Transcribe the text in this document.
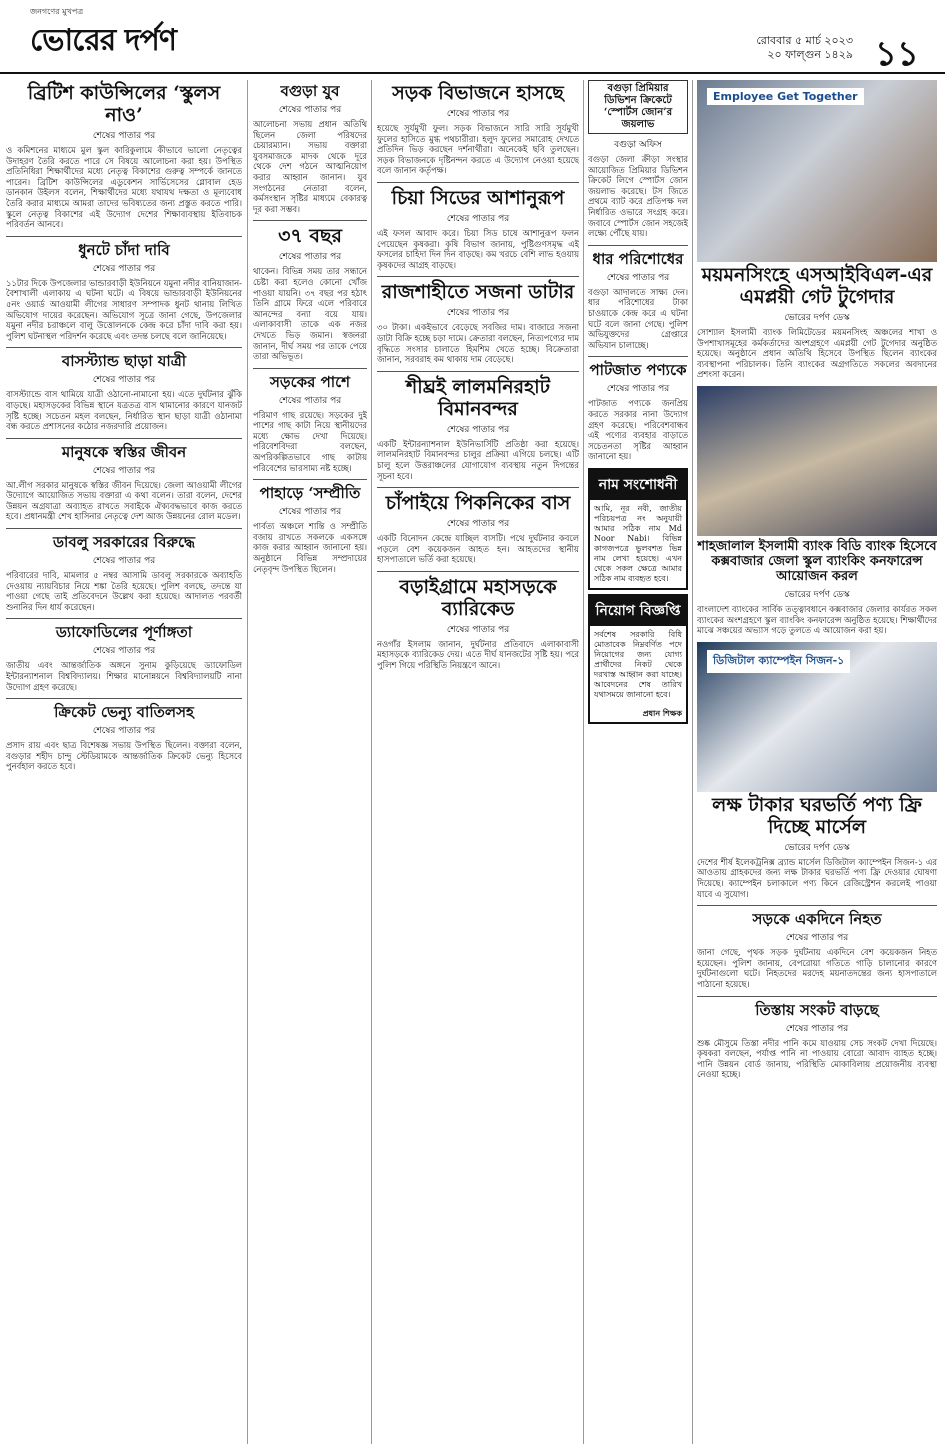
জনগণের মুখপত্র
ভোরের দর্পণ	রোববার ৫ মার্চ ২০২৩
২০ ফাল্গুন ১৪২৯ ১১
ব্রিটিশ কাউন্সিলের ‘স্কুলস নাও’
শেষের পাতার পর
ও কমিশনের মাধ্যমে মুল স্কুল কারিকুলামে কীভাবে ভালো নেতৃত্বের উদাহরণ তৈরি করতে পারে সে বিষয়ে আলোচনা করা হয়। উপস্থিত প্রতিনিধিরা শিক্ষার্থীদের মধ্যে নেতৃত্ব বিকাশের গুরুত্ব সম্পর্কে জানতে পারেন। ব্রিটিশ কাউন্সিলের এডুকেশন সার্ভিসেসের গ্লোবাল হেড ডানকান উইলস বলেন, শিক্ষার্থীদের মধ্যে যথাযথ দক্ষতা ও মূল্যবোধ তৈরি করার মাধ্যমে আমরা তাদের ভবিষ্যতের জন্য প্রস্তুত করতে পারি। স্কুলে নেতৃত্ব বিকাশের এই উদ্যোগ দেশের শিক্ষাব্যবস্থায় ইতিবাচক পরিবর্তন আনবে।
ধুনটে চাঁদা দাবি
শেষের পাতার পর
১১টার দিকে উপজেলার ভান্ডারবাড়ী ইউনিয়নে যমুনা নদীর বানিয়াজান-বৈশাখালী এলাকায় এ ঘটনা ঘটে। এ বিষয়ে ভান্ডারবাড়ী ইউনিয়নের ৫নং ওয়ার্ড আওয়ামী লীগের সাধারণ সম্পাদক ধুনট থানায় লিখিত অভিযোগ দায়ের করেছেন। অভিযোগ সূত্রে জানা গেছে, উপজেলার যমুনা নদীর চরাঞ্চলে বালু উত্তোলনকে কেন্দ্র করে চাঁদা দাবি করা হয়। পুলিশ ঘটনাস্থল পরিদর্শন করেছে এবং তদন্ত চলছে বলে জানিয়েছে।
বাসস্ট্যান্ড ছাড়া যাত্রী
শেষের পাতার পর
বাসস্ট্যান্ডে বাস থামিয়ে যাত্রী ওঠানো-নামানো হয়। এতে দুর্ঘটনার ঝুঁকি বাড়ছে। মহাসড়কের বিভিন্ন স্থানে যত্রতত্র বাস থামানোর কারণে যানজট সৃষ্টি হচ্ছে। সচেতন মহল বলছেন, নির্ধারিত স্থান ছাড়া যাত্রী ওঠানামা বন্ধ করতে প্রশাসনের কঠোর নজরদারি প্রয়োজন।
মানুষকে স্বস্তির জীবন
শেষের পাতার পর
আ.লীগ সরকার মানুষকে স্বস্তির জীবন দিয়েছে। জেলা আওয়ামী লীগের উদ্যোগে আয়োজিত সভায় বক্তারা এ কথা বলেন। তারা বলেন, দেশের উন্নয়ন অগ্রযাত্রা অব্যাহত রাখতে সবাইকে ঐক্যবদ্ধভাবে কাজ করতে হবে। প্রধানমন্ত্রী শেখ হাসিনার নেতৃত্বে দেশ আজ উন্নয়নের রোল মডেল।
ডাবলু সরকারের বিরুদ্ধে
শেষের পাতার পর
পরিবারের দাবি, মামলার ৫ নম্বর আসামি ডাবলু সরকারকে অব্যাহতি দেওয়ায় ন্যায়বিচার নিয়ে শঙ্কা তৈরি হয়েছে। পুলিশ বলছে, তদন্তে যা পাওয়া গেছে তাই প্রতিবেদনে উল্লেখ করা হয়েছে। আদালত পরবর্তী শুনানির দিন ধার্য করেছেন।
ড্যাফোডিলের পূর্ণাঙ্গতা
শেষের পাতার পর
জাতীয় এবং আন্তর্জাতিক অঙ্গনে সুনাম কুড়িয়েছে ড্যাফোডিল ইন্টারন্যাশনাল বিশ্ববিদ্যালয়। শিক্ষার মানোন্নয়নে বিশ্ববিদ্যালয়টি নানা উদ্যোগ গ্রহণ করেছে।
ক্রিকেট ভেন্যু বাতিলসহ
শেষের পাতার পর
প্রসাদ রায় এবং ছাত্র বিশেষজ্ঞ সভায় উপস্থিত ছিলেন। বক্তারা বলেন, বগুড়ার শহীদ চান্দু স্টেডিয়ামকে আন্তর্জাতিক ক্রিকেট ভেন্যু হিসেবে পুনর্বহাল করতে হবে।
বগুড়া যুব
শেষের পাতার পর
আলোচনা সভায় প্রধান অতিথি ছিলেন জেলা পরিষদের চেয়ারম্যান। সভায় বক্তারা যুবসমাজকে মাদক থেকে দূরে থেকে দেশ গঠনে আত্মনিয়োগ করার আহ্বান জানান। যুব সংগঠনের নেতারা বলেন, কর্মসংস্থান সৃষ্টির মাধ্যমে বেকারত্ব দূর করা সম্ভব।
৩৭ বছর
শেষের পাতার পর
থাকেন। বিভিন্ন সময় তার সন্ধানে চেষ্টা করা হলেও কোনো খোঁজ পাওয়া যায়নি। ৩৭ বছর পর হঠাৎ তিনি গ্রামে ফিরে এলে পরিবারে আনন্দের বন্যা বয়ে যায়। এলাকাবাসী তাকে এক নজর দেখতে ভিড় জমান। স্বজনরা জানান, দীর্ঘ সময় পর তাকে পেয়ে তারা অভিভূত।
সড়কের পাশে
শেষের পাতার পর
পরিমাণ গাছ রয়েছে। সড়কের দুই পাশের গাছ কাটা নিয়ে স্থানীয়দের মধ্যে ক্ষোভ দেখা দিয়েছে। পরিবেশবিদরা বলছেন, অপরিকল্পিতভাবে গাছ কাটায় পরিবেশের ভারসাম্য নষ্ট হচ্ছে।
পাহাড়ে ‘সম্প্রীতি
শেষের পাতার পর
পার্বত্য অঞ্চলে শান্তি ও সম্প্রীতি বজায় রাখতে সকলকে একসঙ্গে কাজ করার আহ্বান জানানো হয়। অনুষ্ঠানে বিভিন্ন সম্প্রদায়ের নেতৃবৃন্দ উপস্থিত ছিলেন।
সড়ক বিভাজনে হাসছে
শেষের পাতার পর
হয়েছে সূর্যমুখী ফুল। সড়ক বিভাজনে সারি সারি সূর্যমুখী ফুলের হাসিতে মুগ্ধ পথচারীরা। হলুদ ফুলের সমারোহ দেখতে প্রতিদিন ভিড় করছেন দর্শনার্থীরা। অনেকেই ছবি তুলছেন। সড়ক বিভাজনকে দৃষ্টিনন্দন করতে এ উদ্যোগ নেওয়া হয়েছে বলে জানান কর্তৃপক্ষ।
চিয়া সিডের আশানুরূপ
শেষের পাতার পর
এই ফসল আবাদ করে। চিয়া সিড চাষে আশানুরূপ ফলন পেয়েছেন কৃষকরা। কৃষি বিভাগ জানায়, পুষ্টিগুণসমৃদ্ধ এই ফসলের চাহিদা দিন দিন বাড়ছে। কম খরচে বেশি লাভ হওয়ায় কৃষকদের আগ্রহ বাড়ছে।
রাজশাহীতে সজনা ডাটার
শেষের পাতার পর
৩০ টাকা। একইভাবে বেড়েছে সবজির দাম। বাজারে সজনা ডাটা বিক্রি হচ্ছে চড়া দামে। ক্রেতারা বলছেন, নিত্যপণ্যের দাম বৃদ্ধিতে সংসার চালাতে হিমশিম খেতে হচ্ছে। বিক্রেতারা জানান, সরবরাহ কম থাকায় দাম বেড়েছে।
শীঘ্রই লালমনিরহাট বিমানবন্দর
শেষের পাতার পর
একটি ইন্টারন্যাশনাল ইউনিভার্সিটি প্রতিষ্ঠা করা হয়েছে। লালমনিরহাট বিমানবন্দর চালুর প্রক্রিয়া এগিয়ে চলছে। এটি চালু হলে উত্তরাঞ্চলের যোগাযোগ ব্যবস্থায় নতুন দিগন্তের সূচনা হবে।
চাঁপাইয়ে পিকনিকের বাস
শেষের পাতার পর
একটি বিনোদন কেন্দ্রে যাচ্ছিল বাসটি। পথে দুর্ঘটনার কবলে পড়লে বেশ কয়েকজন আহত হন। আহতদের স্থানীয় হাসপাতালে ভর্তি করা হয়েছে।
বড়াইগ্রামে মহাসড়কে ব্যারিকেড
শেষের পাতার পর
নওগাঁর ইসলাম জানান, দুর্ঘটনার প্রতিবাদে এলাকাবাসী মহাসড়কে ব্যারিকেড দেয়। এতে দীর্ঘ যানজটের সৃষ্টি হয়। পরে পুলিশ গিয়ে পরিস্থিতি নিয়ন্ত্রণে আনে।
বগুড়া প্রিমিয়ার ডিভিশন ক্রিকেটে ‘স্পোর্টস জোন’র জয়লাভ
বগুড়া অফিস
বগুড়া জেলা ক্রীড়া সংস্থার আয়োজিত প্রিমিয়ার ডিভিশন ক্রিকেট লিগে স্পোর্টস জোন জয়লাভ করেছে। টস জিতে প্রথমে ব্যাট করে প্রতিপক্ষ দল নির্ধারিত ওভারে সংগ্রহ করে। জবাবে স্পোর্টস জোন সহজেই লক্ষ্যে পৌঁছে যায়।
ধার পরিশোধের
শেষের পাতার পর
বগুড়া আদালতে সাক্ষ্য দেন। ধার পরিশোধের টাকা চাওয়াকে কেন্দ্র করে এ ঘটনা ঘটে বলে জানা গেছে। পুলিশ অভিযুক্তদের গ্রেপ্তারে অভিযান চালাচ্ছে।
পাটজাত পণ্যকে
শেষের পাতার পর
পাটজাত পণ্যকে জনপ্রিয় করতে সরকার নানা উদ্যোগ গ্রহণ করেছে। পরিবেশবান্ধব এই পণ্যের ব্যবহার বাড়াতে সচেতনতা সৃষ্টির আহ্বান জানানো হয়।
নাম সংশোধনী
আমি, নূর নবী, জাতীয় পরিচয়পত্র নং অনুযায়ী আমার সঠিক নাম Md Noor Nabi। বিভিন্ন কাগজপত্রে ভুলবশত ভিন্ন নাম লেখা হয়েছে। এখন থেকে সকল ক্ষেত্রে আমার সঠিক নাম ব্যবহৃত হবে।
নিয়োগ বিজ্ঞপ্তি
সর্বশেষ সরকারি বিধি মোতাবেক নিম্নবর্ণিত পদে নিয়োগের জন্য যোগ্য প্রার্থীদের নিকট থেকে দরখাস্ত আহ্বান করা যাচ্ছে। আবেদনের শেষ তারিখ যথাসময়ে জানানো হবে।
প্রধান শিক্ষক
Employee Get Together
ময়মনসিংহে এসআইবিএল-এর এমপ্লয়ী গেট টুগেদার
ভোরের দর্পণ ডেস্ক
সোশ্যাল ইসলামী ব্যাংক লিমিটেডের ময়মনসিংহ অঞ্চলের শাখা ও উপশাখাসমূহের কর্মকর্তাদের অংশগ্রহণে এমপ্লয়ী গেট টুগেদার অনুষ্ঠিত হয়েছে। অনুষ্ঠানে প্রধান অতিথি হিসেবে উপস্থিত ছিলেন ব্যাংকের ব্যবস্থাপনা পরিচালক। তিনি ব্যাংকের অগ্রগতিতে সকলের অবদানের প্রশংসা করেন।
শাহজালাল ইসলামী ব্যাংক বিডি ব্যাংক হিসেবে কক্সবাজার জেলা স্কুল ব্যাংকিং কনফারেন্স আয়োজন করল
ভোরের দর্পণ ডেস্ক
বাংলাদেশ ব্যাংকের সার্বিক তত্ত্বাবধানে কক্সবাজার জেলার কার্যরত সকল ব্যাংকের অংশগ্রহণে স্কুল ব্যাংকিং কনফারেন্স অনুষ্ঠিত হয়েছে। শিক্ষার্থীদের মাঝে সঞ্চয়ের অভ্যাস গড়ে তুলতে এ আয়োজন করা হয়।
ডিজিটাল ক্যাম্পেইন সিজন-১
লক্ষ টাকার ঘরভর্তি পণ্য ফ্রি দিচ্ছে মার্সেল
ভোরের দর্পণ ডেস্ক
দেশের শীর্ষ ইলেকট্রনিক্স ব্র্যান্ড মার্সেল ডিজিটাল ক্যাম্পেইন সিজন-১ এর আওতায় গ্রাহকদের জন্য লক্ষ টাকার ঘরভর্তি পণ্য ফ্রি দেওয়ার ঘোষণা দিয়েছে। ক্যাম্পেইন চলাকালে পণ্য কিনে রেজিস্ট্রেশন করলেই পাওয়া যাবে এ সুযোগ।
সড়কে একদিনে নিহত
শেষের পাতার পর
জানা গেছে, পৃথক সড়ক দুর্ঘটনায় একদিনে বেশ কয়েকজন নিহত হয়েছেন। পুলিশ জানায়, বেপরোয়া গতিতে গাড়ি চালানোর কারণে দুর্ঘটনাগুলো ঘটে। নিহতদের মরদেহ ময়নাতদন্তের জন্য হাসপাতালে পাঠানো হয়েছে।
তিস্তায় সংকট বাড়ছে
শেষের পাতার পর
শুষ্ক মৌসুমে তিস্তা নদীর পানি কমে যাওয়ায় সেচ সংকট দেখা দিয়েছে। কৃষকরা বলছেন, পর্যাপ্ত পানি না পাওয়ায় বোরো আবাদ ব্যাহত হচ্ছে। পানি উন্নয়ন বোর্ড জানায়, পরিস্থিতি মোকাবিলায় প্রয়োজনীয় ব্যবস্থা নেওয়া হচ্ছে।
